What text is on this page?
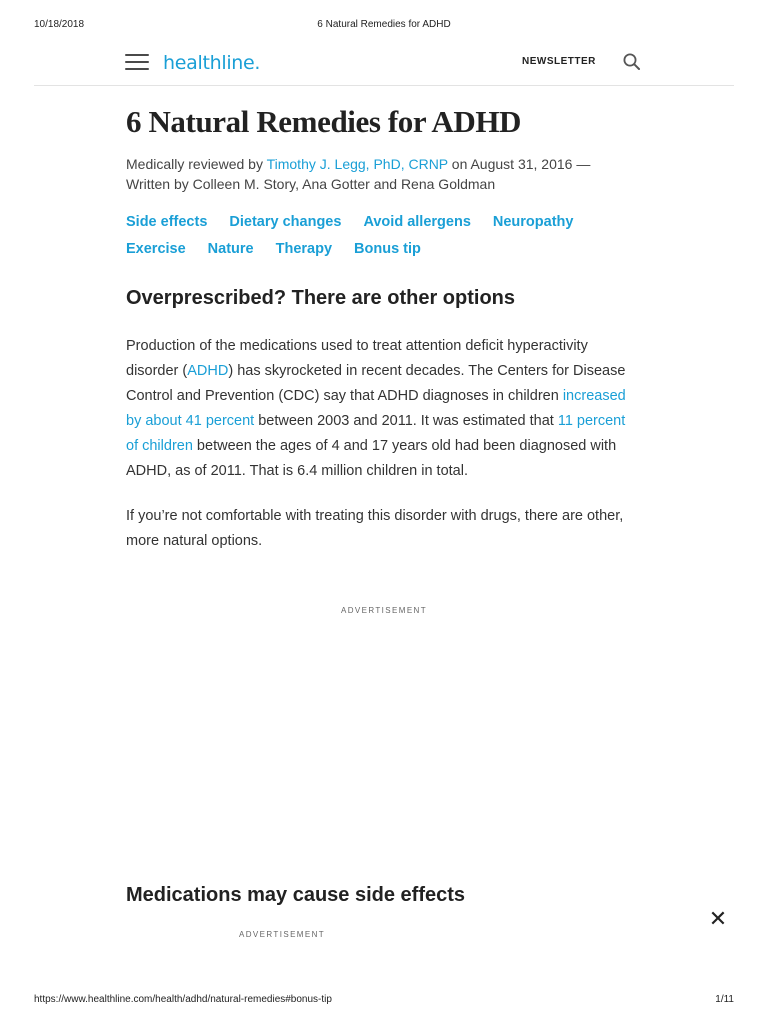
10/18/2018	6 Natural Remedies for ADHD
healthline.	NEWSLETTER
6 Natural Remedies for ADHD
Medically reviewed by Timothy J. Legg, PhD, CRNP on August 31, 2016 —
Written by Colleen M. Story, Ana Gotter and Rena Goldman
Side effects Dietary changes Avoid allergens Neuropathy
Exercise Nature Therapy Bonus tip
Overprescribed? There are other options
Production of the medications used to treat attention deficit hyperactivity disorder (ADHD) has skyrocketed in recent decades. The Centers for Disease Control and Prevention (CDC) say that ADHD diagnoses in children increased by about 41 percent between 2003 and 2011. It was estimated that 11 percent of children between the ages of 4 and 17 years old had been diagnosed with ADHD, as of 2011. That is 6.4 million children in total.
If you’re not comfortable with treating this disorder with drugs, there are other, more natural options.
ADVERTISEMENT
Medications may cause side effects
ADVERTISEMENT
✕
https://www.healthline.com/health/adhd/natural-remedies#bonus-tip	1/11
